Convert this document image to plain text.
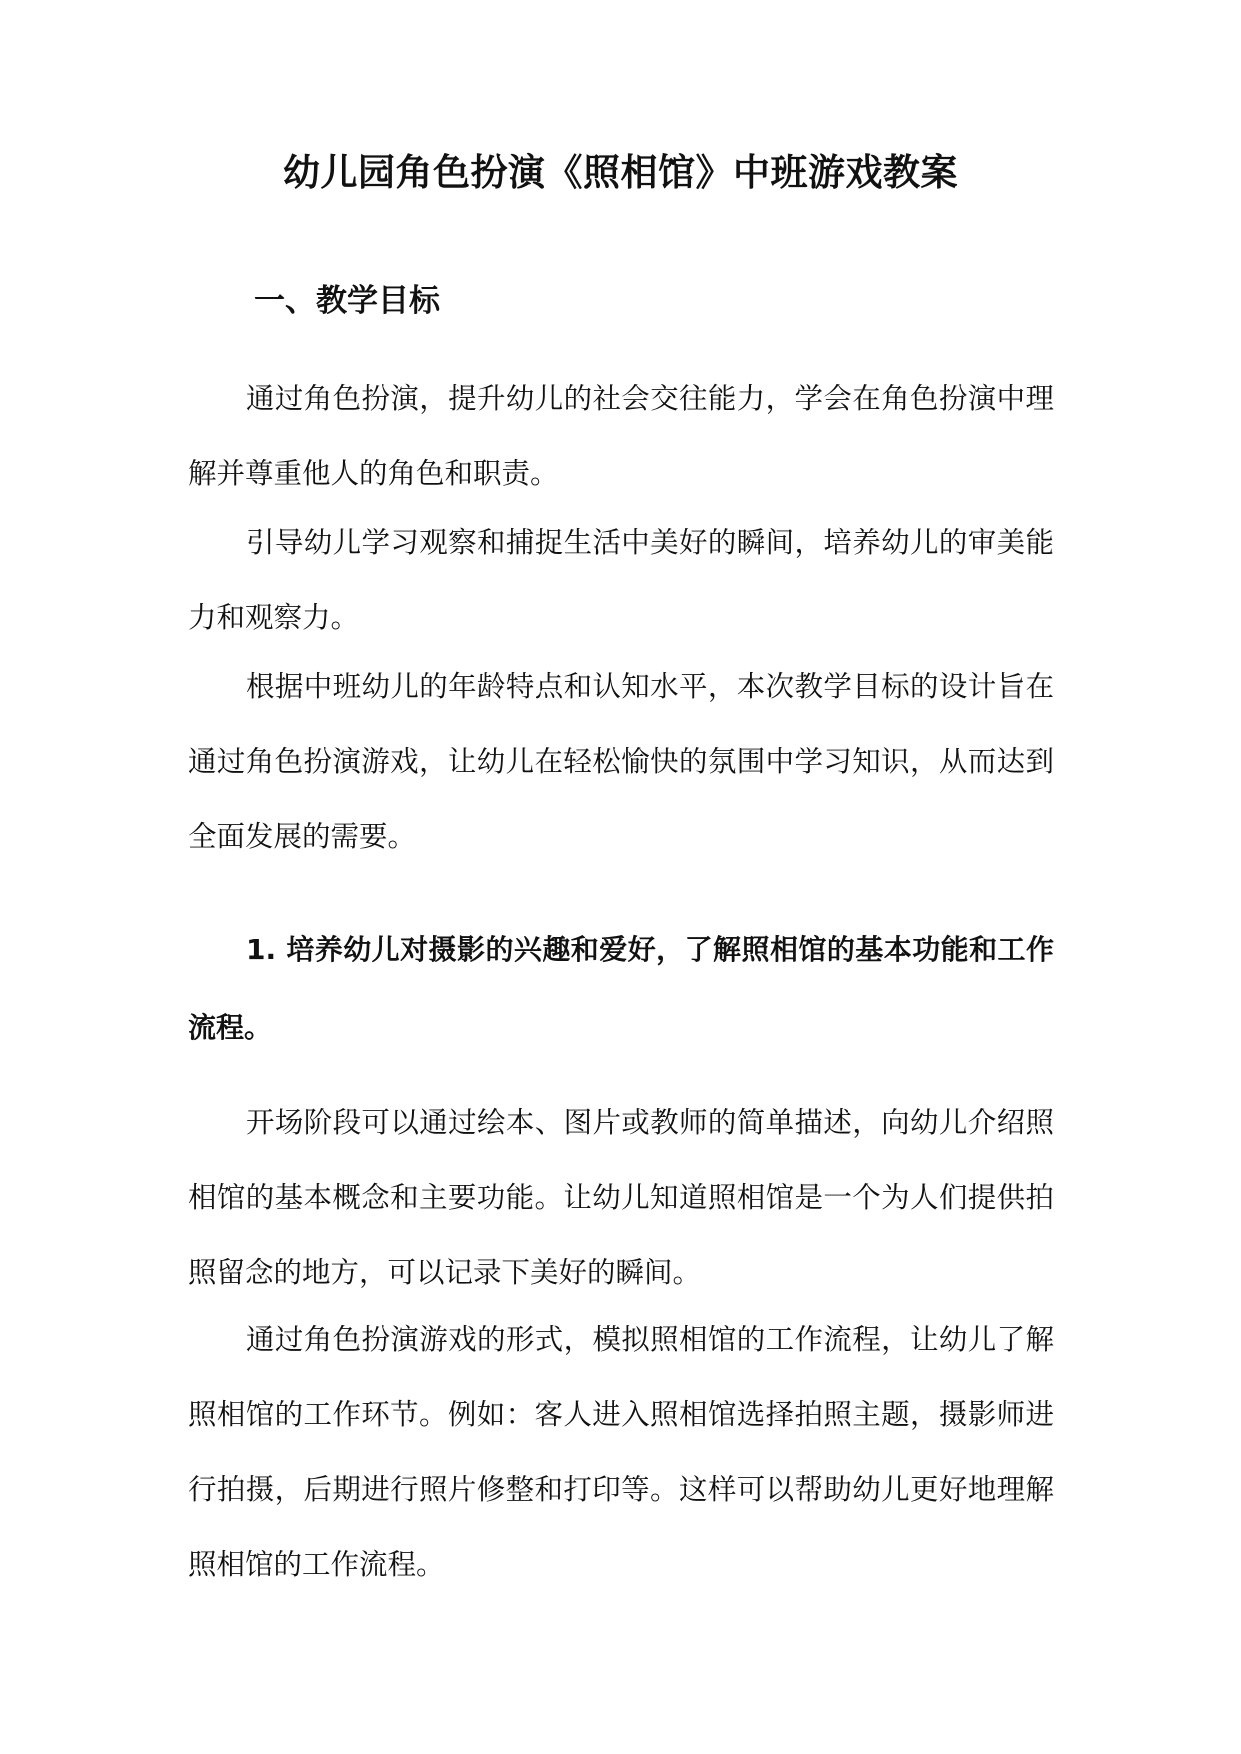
幼儿园角色扮演《照相馆》中班游戏教案
一、教学目标

通过角色扮演，提升幼儿的社会交往能力，学会在角色扮演中理解并尊重他人的角色和职责。

引导幼儿学习观察和捕捉生活中美好的瞬间，培养幼儿的审美能力和观察力。

根据中班幼儿的年龄特点和认知水平，本次教学目标的设计旨在通过角色扮演游戏，让幼儿在轻松愉快的氛围中学习知识，从而达到全面发展的需要。

1. 培养幼儿对摄影的兴趣和爱好，了解照相馆的基本功能和工作流程。

开场阶段可以通过绘本、图片或教师的简单描述，向幼儿介绍照相馆的基本概念和主要功能。让幼儿知道照相馆是一个为人们提供拍照留念的地方，可以记录下美好的瞬间。

通过角色扮演游戏的形式，模拟照相馆的工作流程，让幼儿了解照相馆的工作环节。例如：客人进入照相馆选择拍照主题，摄影师进行拍摄，后期进行照片修整和打印等。这样可以帮助幼儿更好地理解照相馆的工作流程。
